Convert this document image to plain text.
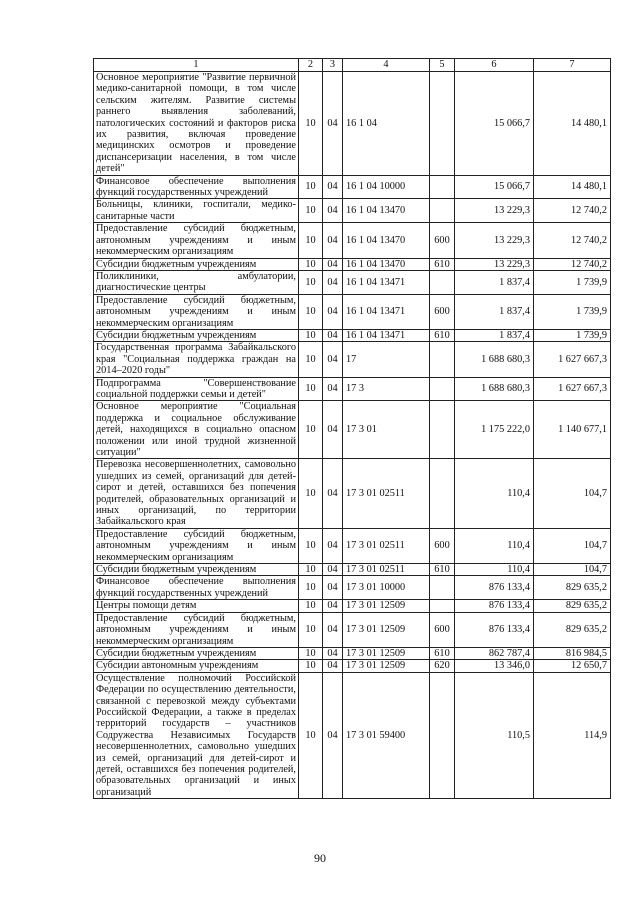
1	2	3	4	5	6	7
Основное мероприятие "Развитие первичной медико-санитарной помощи, в том числе сельским жителям. Развитие системы раннего выявления заболеваний, патологических состояний и факторов риска их развития, включая проведение медицинских осмотров и проведение диспансеризации населения, в том числе детей"	10	04	16 1 04		15 066,7	14 480,1
Финансовое обеспечение выполнения функций государственных учреждений	10	04	16 1 04 10000		15 066,7	14 480,1
Больницы, клиники, госпитали, медико-санитарные части	10	04	16 1 04 13470		13 229,3	12 740,2
Предоставление субсидий бюджетным, автономным учреждениям и иным некоммерческим организациям	10	04	16 1 04 13470	600	13 229,3	12 740,2
Субсидии бюджетным учреждениям	10	04	16 1 04 13470	610	13 229,3	12 740,2
Поликлиники, амбулатории, диагностические центры	10	04	16 1 04 13471		1 837,4	1 739,9
Предоставление субсидий бюджетным, автономным учреждениям и иным некоммерческим организациям	10	04	16 1 04 13471	600	1 837,4	1 739,9
Субсидии бюджетным учреждениям	10	04	16 1 04 13471	610	1 837,4	1 739,9
Государственная программа Забайкальского края "Социальная поддержка граждан на 2014–2020 годы"	10	04	17		1 688 680,3	1 627 667,3
Подпрограмма "Совершенствование социальной поддержки семьи и детей"	10	04	17 3		1 688 680,3	1 627 667,3
Основное мероприятие "Социальная поддержка и социальное обслуживание детей, находящихся в социально опасном положении или иной трудной жизненной ситуации"	10	04	17 3 01		1 175 222,0	1 140 677,1
Перевозка несовершеннолетних, самовольно ушедших из семей, организаций для детей-сирот и детей, оставшихся без попечения родителей, образовательных организаций и иных организаций, по территории Забайкальского края	10	04	17 3 01 02511		110,4	104,7
Предоставление субсидий бюджетным, автономным учреждениям и иным некоммерческим организациям	10	04	17 3 01 02511	600	110,4	104,7
Субсидии бюджетным учреждениям	10	04	17 3 01 02511	610	110,4	104,7
Финансовое обеспечение выполнения функций государственных учреждений	10	04	17 3 01 10000		876 133,4	829 635,2
Центры помощи детям	10	04	17 3 01 12509		876 133,4	829 635,2
Предоставление субсидий бюджетным, автономным учреждениям и иным некоммерческим организациям	10	04	17 3 01 12509	600	876 133,4	829 635,2
Субсидии бюджетным учреждениям	10	04	17 3 01 12509	610	862 787,4	816 984,5
Субсидии автономным учреждениям	10	04	17 3 01 12509	620	13 346,0	12 650,7
Осуществление полномочий Российской Федерации по осуществлению деятельности, связанной с перевозкой между субъектами Российской Федерации, а также в пределах территорий государств – участников Содружества Независимых Государств несовершеннолетних, самовольно ушедших из семей, организаций для детей-сирот и детей, оставшихся без попечения родителей, образовательных организаций и иных организаций	10	04	17 3 01 59400		110,5	114,9
90
